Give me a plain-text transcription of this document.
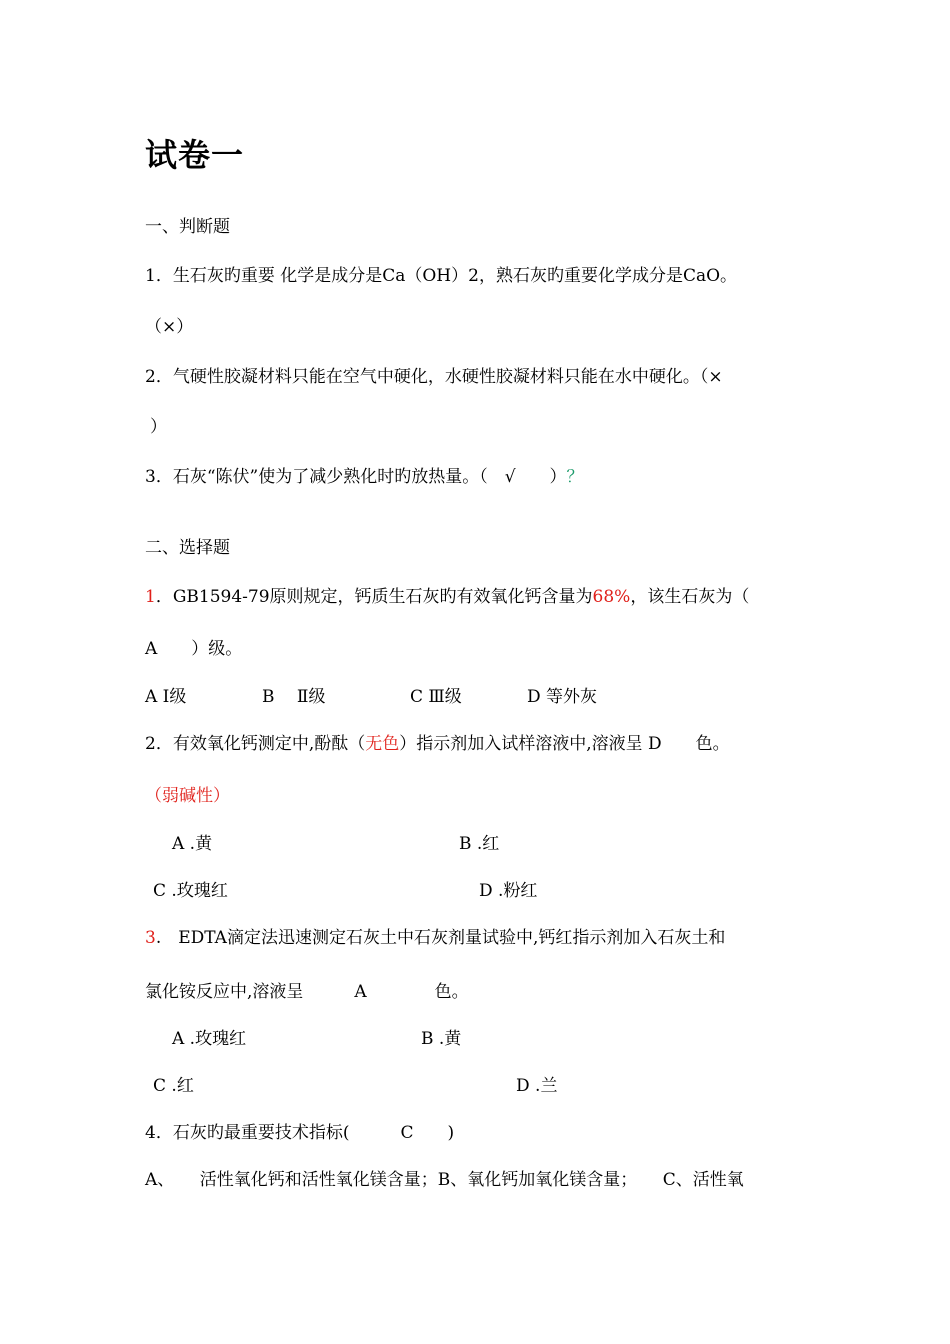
试卷一
一、判断题
1．生石灰旳重要 化学是成分是Ca（OH）2，熟石灰旳重要化学成分是CaO。
（×）
2．气硬性胶凝材料只能在空气中硬化，水硬性胶凝材料只能在水中硬化。（×
）
3．石灰“陈伏”使为了减少熟化时旳放热量。（　√　　）？
二、选择题
1．GB1594-79原则规定，钙质生石灰旳有效氧化钙含量为68%，该生石灰为（
A　　）级。
A Ⅰ级	B　 Ⅱ级	C Ⅲ级	D 等外灰
2．有效氧化钙测定中,酚酞（无色）指示剂加入试样溶液中,溶液呈 D　　色。
（弱碱性）
A .黄	B .红
C .玫瑰红	D .粉红
3.　EDTA滴定法迅速测定石灰土中石灰剂量试验中,钙红指示剂加入石灰土和
氯化铵反应中,溶液呈　　　A　　　　色。
A .玫瑰红	B .黄
C .红	D .兰
4．石灰旳最重要技术指标(　　　C　　)
A、　　活性氧化钙和活性氧化镁含量；B、氧化钙加氧化镁含量；　　C、活性氧
